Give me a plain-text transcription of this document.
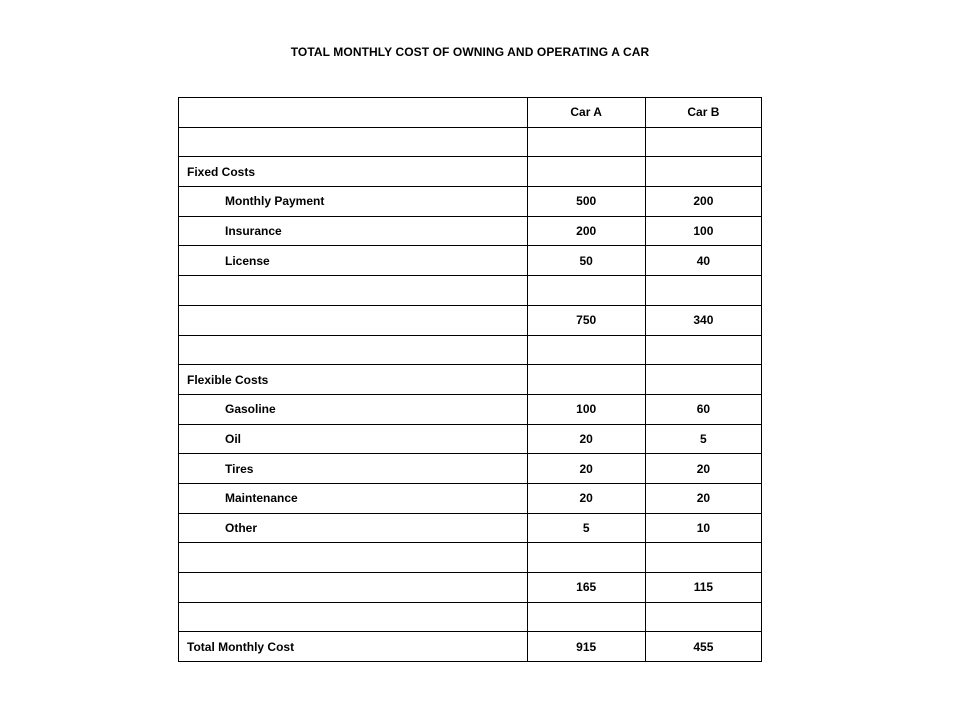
TOTAL MONTHLY COST OF OWNING AND OPERATING A CAR
	Car A	Car B

Fixed Costs		
Monthly Payment	500	200
Insurance	200	100
License	50	40

	750	340

Flexible Costs		
Gasoline	100	60
Oil	20	5
Tires	20	20
Maintenance	20	20
Other	5	10

	165	115

Total Monthly Cost	915	455
